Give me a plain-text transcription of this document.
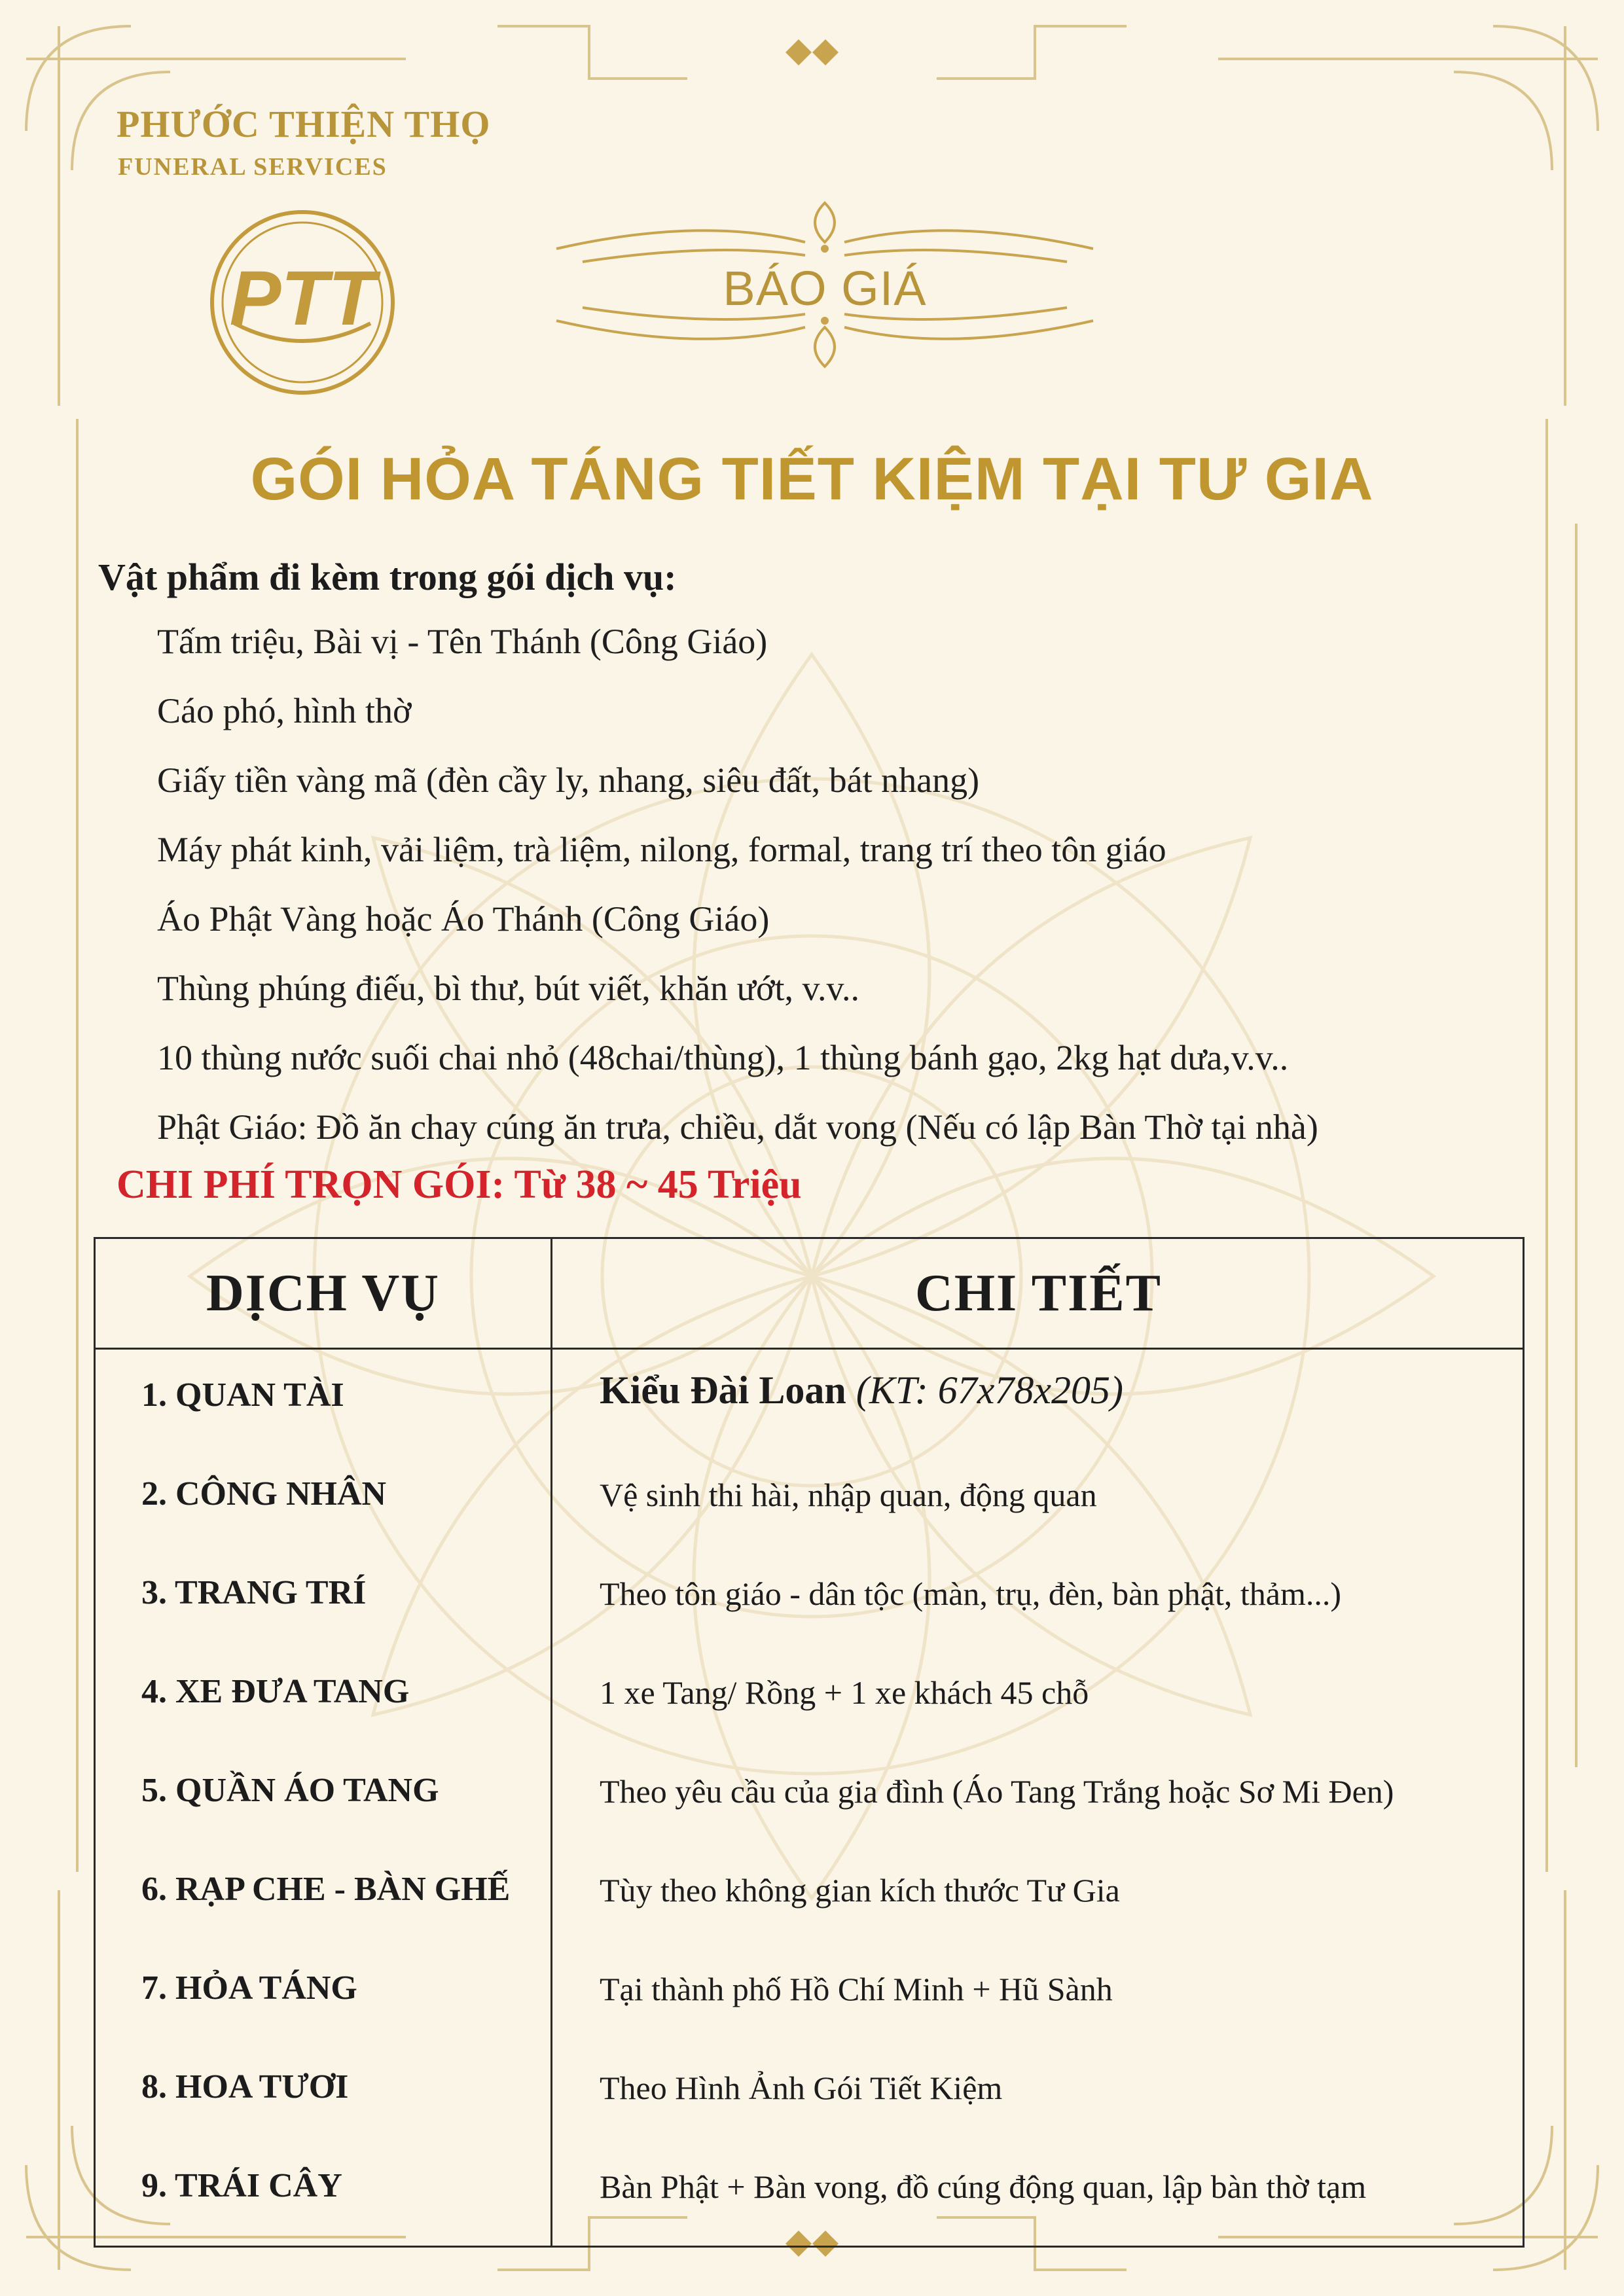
PHƯỚC THIỆN THỌ

FUNERAL SERVICES

PTT	BÁO GIÁ

GÓI HỎA TÁNG TIẾT KIỆM TẠI TƯ GIA

Vật phẩm đi kèm trong gói dịch vụ:

Tấm triệu, Bài vị - Tên Thánh (Công Giáo)
Cáo phó, hình thờ
Giấy tiền vàng mã (đèn cầy ly, nhang, siêu đất, bát nhang)
Máy phát kinh, vải liệm, trà liệm, nilong, formal, trang trí theo tôn giáo
Áo Phật Vàng hoặc Áo Thánh (Công Giáo)
Thùng phúng điếu, bì thư, bút viết, khăn ướt, v.v..
10 thùng nước suối chai nhỏ (48chai/thùng), 1 thùng bánh gạo, 2kg hạt dưa,v.v..
Phật Giáo: Đồ ăn chay cúng ăn trưa, chiều, dắt vong (Nếu có lập Bàn Thờ tại nhà)

CHI PHÍ TRỌN GÓI: Từ 38 ~ 45 Triệu

DỊCH VỤ	CHI TIẾT

1. QUAN TÀI	Kiểu Đài Loan (KT: 67x78x205)

2. CÔNG NHÂN	Vệ sinh thi hài, nhập quan, động quan

3. TRANG TRÍ	Theo tôn giáo - dân tộc (màn, trụ, đèn, bàn phật, thảm...)

4. XE ĐƯA TANG	1 xe Tang/ Rồng + 1 xe khách 45 chỗ

5. QUẦN ÁO TANG	Theo yêu cầu của gia đình (Áo Tang Trắng hoặc Sơ Mi Đen)

6. RẠP CHE - BÀN GHẾ	Tùy theo không gian kích thước Tư Gia

7. HỎA TÁNG	Tại thành phố Hồ Chí Minh + Hũ Sành

8. HOA TƯƠI	Theo Hình Ảnh Gói Tiết Kiệm

9. TRÁI CÂY	Bàn Phật + Bàn vong, đồ cúng động quan, lập bàn thờ tạm
